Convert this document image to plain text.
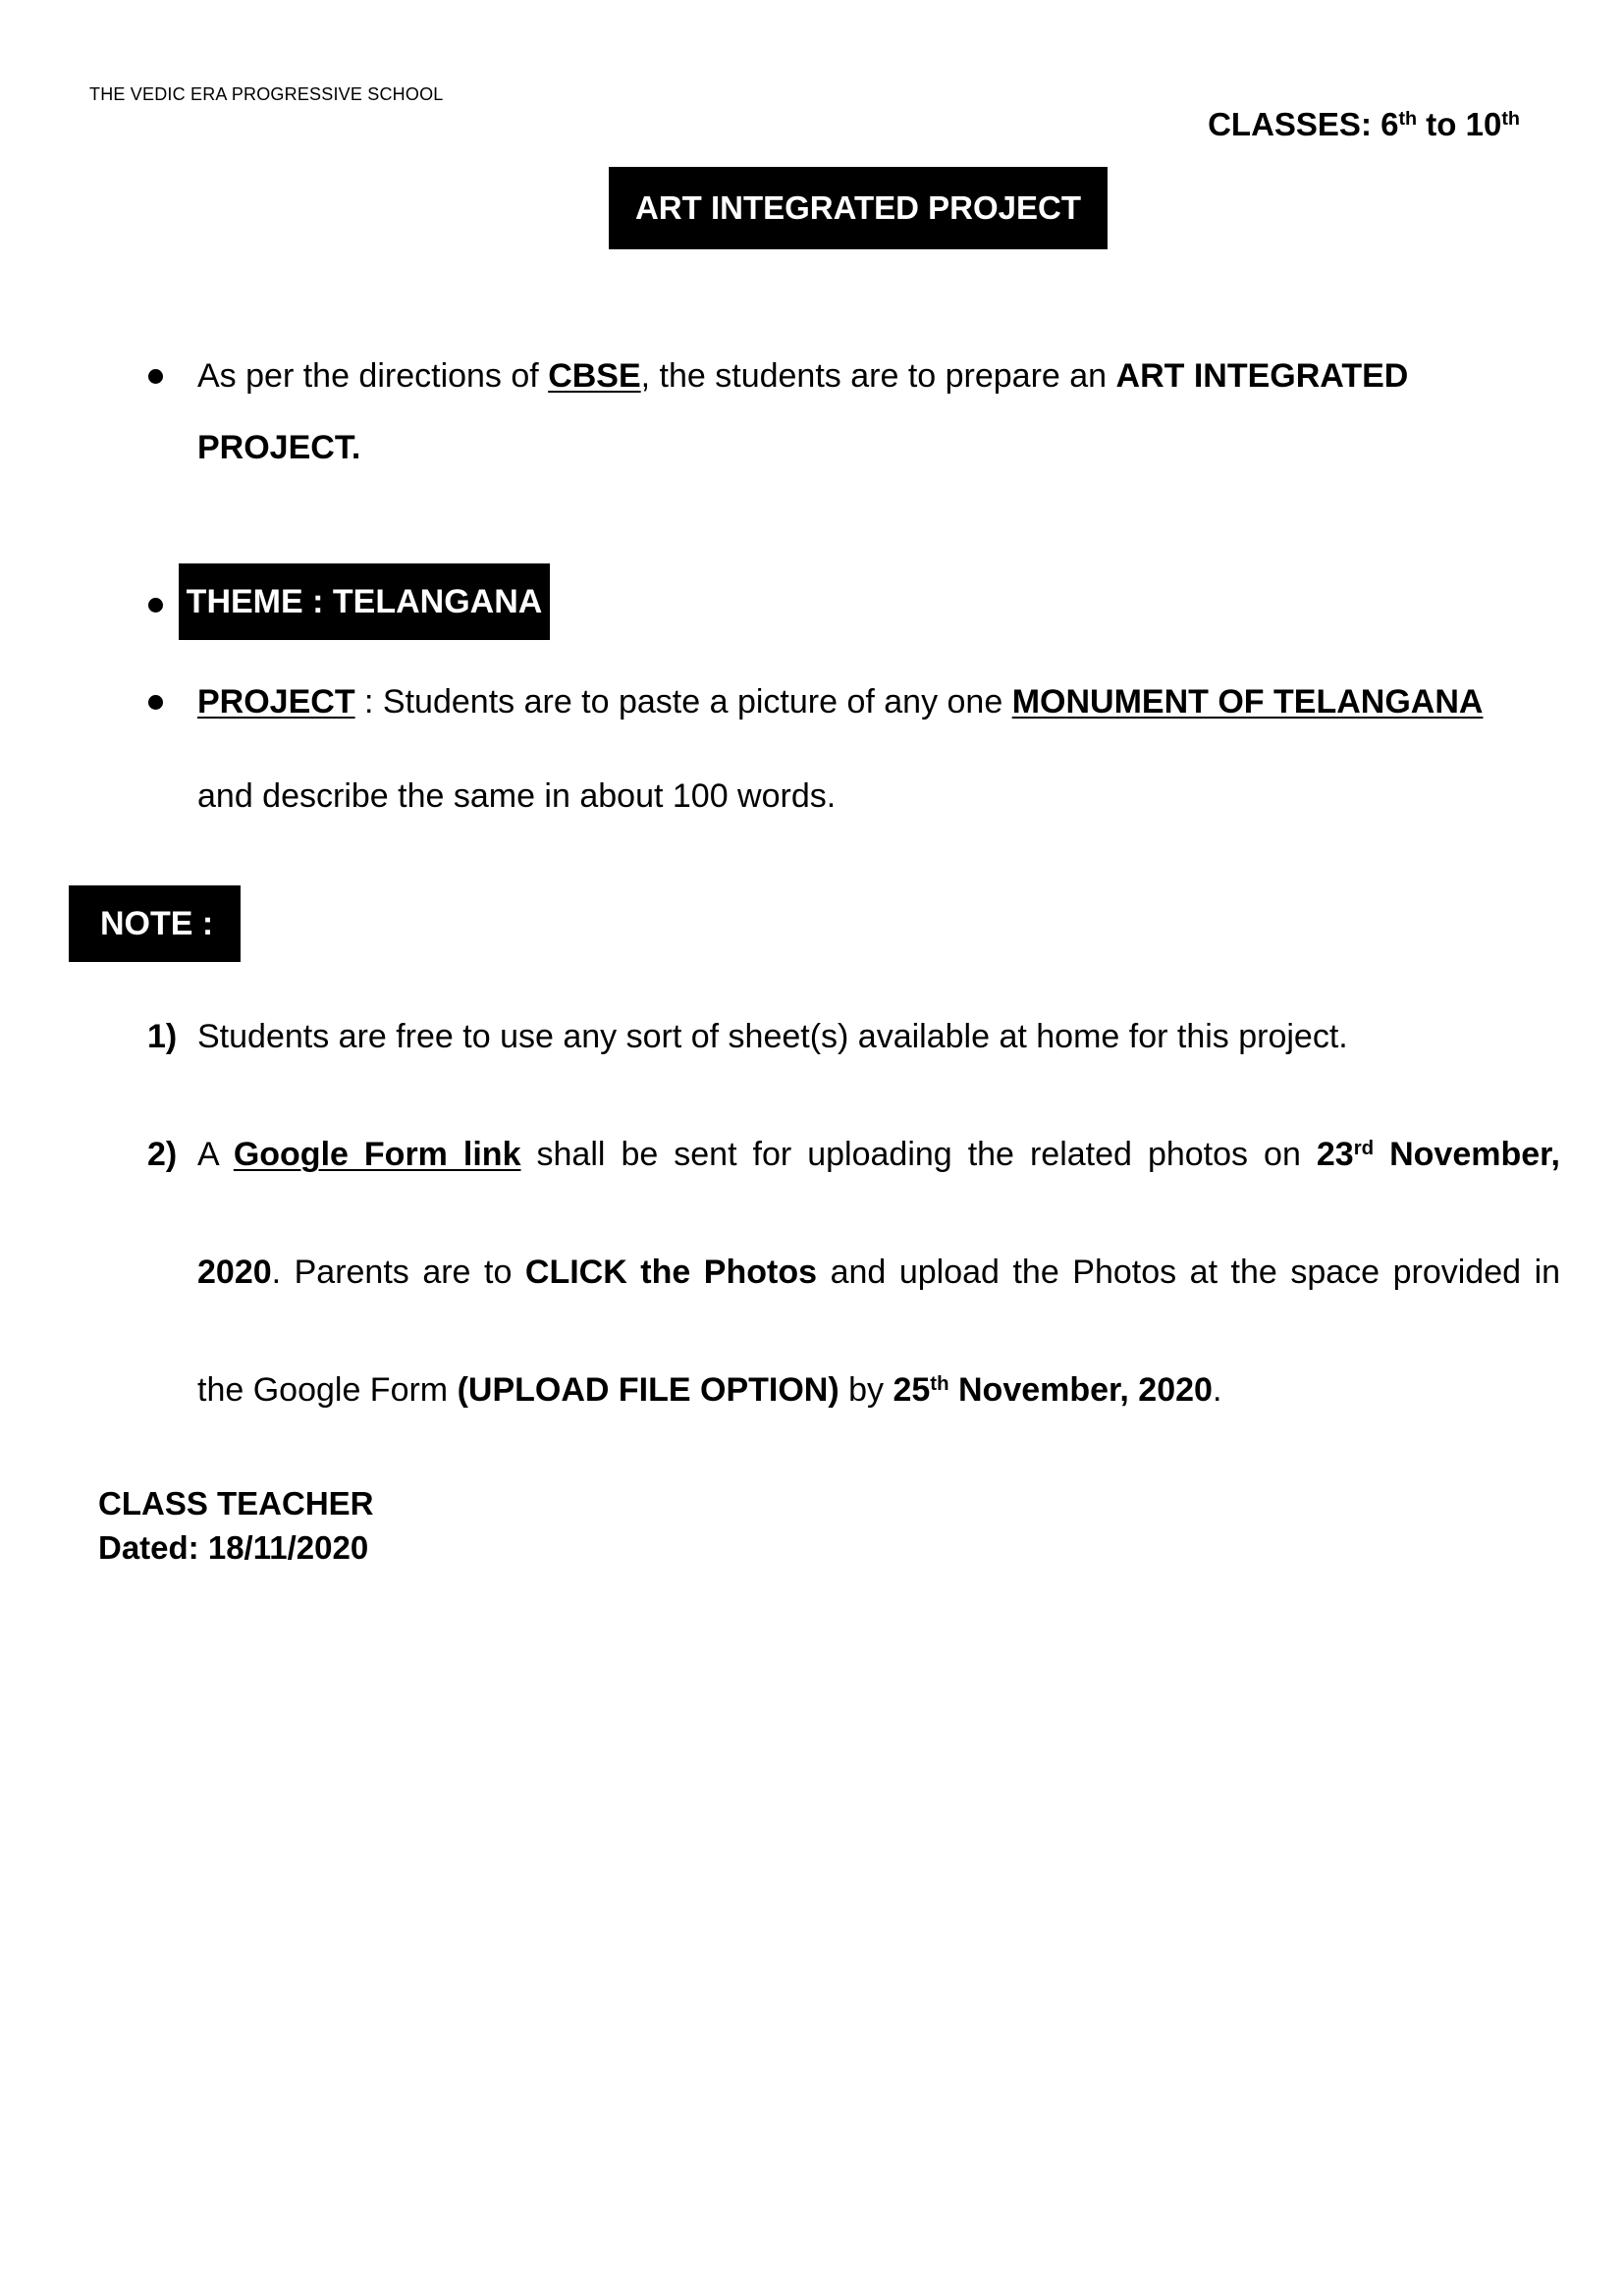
THE VEDIC ERA PROGRESSIVE SCHOOL
CLASSES: 6th to 10th
ART INTEGRATED PROJECT
As per the directions of CBSE, the students are to prepare an ART INTEGRATED
PROJECT.
THEME : TELANGANA
PROJECT : Students are to paste a picture of any one MONUMENT OF TELANGANA
and describe the same in about 100 words.
NOTE :
1) Students are free to use any sort of sheet(s) available at home for this project.
2) A Google Form link shall be sent for uploading the related photos on 23rd November,
2020. Parents are to CLICK the Photos and upload the Photos at the space provided in
the Google Form (UPLOAD FILE OPTION) by 25th November, 2020.
CLASS TEACHER
Dated: 18/11/2020
